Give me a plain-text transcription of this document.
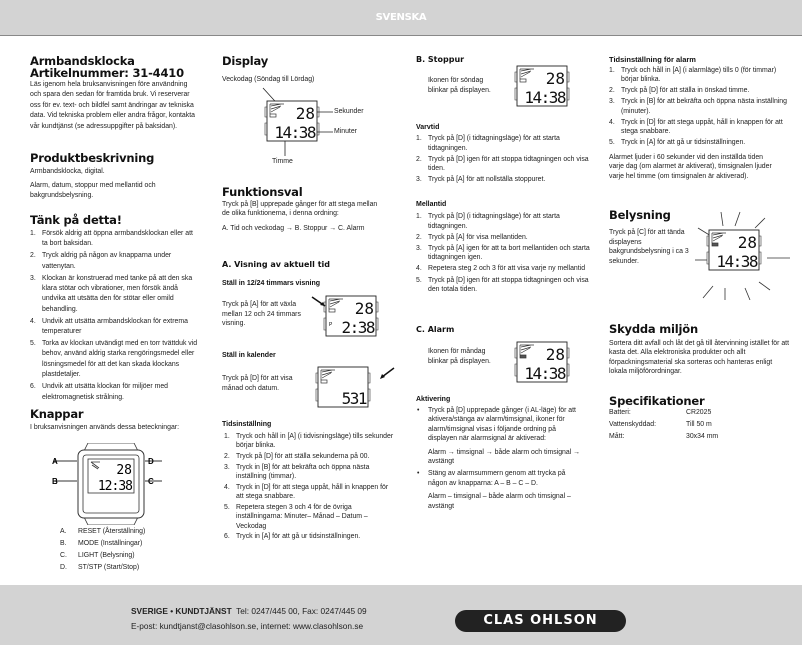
SVENSKA
Armbandsklocka
Artikelnummer: 31-4410
Läs igenom hela bruksanvisningen före användning och spara den sedan för framtida bruk. Vi reserverar oss för ev. text- och bildfel samt ändringar av tekniska data. Vid tekniska problem eller andra frågor, kontakta vår kundtjänst (se adressuppgifter på baksidan).
Produktbeskrivning
Armbandsklocka, digital.
Alarm, datum, stoppur med mellantid och bakgrundsbelysning.
Tänk på detta!
1. Försök aldrig att öppna armbandsklockan eller att ta bort baksidan.
2. Tryck aldrig på någon av knapparna under vattenytan.
3. Klockan är konstruerad med tanke på att den ska klara stötar och vibrationer, men försök ändå undvika att utsätta den för stötar eller omild behandling.
4. Undvik att utsätta armbandsklockan för extrema temperaturer
5. Torka av klockan utvändigt med en torr tvättduk vid behov, använd aldrig starka rengöringsmedel eller lösningsmedel för att det kan skada klockans plastdetaljer.
6. Undvik att utsätta klockan för miljöer med elektromagnetisk strålning.
Knappar
I bruksanvisningen används dessa beteckningar:
A
B	C
D
28
12:38
A.	RESET (Återställning)
B.	MODE (Inställningar)
C.	LIGHT (Belysning)
D.	ST/STP (Start/Stop)
Display
Veckodag (Söndag till Lördag)
28
14:38
Sekunder
Minuter
Timme
Funktionsval
Tryck på [B] upprepade gånger för att stega mellan de olika funktionerna, i denna ordning:
A. Tid och veckodag → B. Stoppur → C. Alarm
A. Visning av aktuell tid
Ställ in 12/24 timmars visning
Tryck på [A] för att växla mellan 12 och 24 timmars visning.
28
P 2:38
Ställ in kalender
Tryck på [D] för att visa månad och datum.
531
Tidsinställning
1. Tryck och håll in [A] (i tidvisningsläge) tills sekunder börjar blinka.
2. Tryck på [D] för att ställa sekunderna på 00.
3. Tryck in [B] för att bekräfta och öppna nästa inställning (timmar).
4. Tryck in [D] för att stega uppåt, håll in knappen för att stega snabbare.
5. Repetera stegen 3 och 4 för de övriga inställningarna: Minuter– Månad – Datum – Veckodag
6. Tryck in [A] för att gå ur tidsinställningen.
B. Stoppur
Ikonen för söndag blinkar på displayen.
28
14:38
Varvtid
1. Tryck på [D] (i tidtagningsläge) för att starta tidtagningen.
2. Tryck på [D] igen för att stoppa tidtagningen och visa tiden.
3. Tryck på [A] för att nollställa stoppuret.
Mellantid
1. Tryck på [D] (i tidtagningsläge) för att starta tidtagningen.
2. Tryck på [A] för visa mellantiden.
3. Tryck på [A] igen för att ta bort mellantiden och starta tidtagningen igen.
4. Repetera steg 2 och 3 för att visa varje ny mellantid
5. Tryck på [D] igen för att stoppa tidtagningen och visa den totala tiden.
C. Alarm
Ikonen för måndag blinkar på displayen.	28
14:38
Aktivering
• Tryck på [D] upprepade gånger (i AL-läge) för att aktivera/stänga av alarm/timsignal, ikoner för alarm/timsignal visas i följande ordning på displayen när alarmsignal är aktiverad:
Alarm → timsignal → både alarm och timsignal → avstängt
• Stäng av alarmsummern genom att trycka på någon av knapparna: A – B – C – D.
Alarm – timsignal – både alarm och timsignal – avstängt
Tidsinställning för alarm
1. Tryck och håll in [A] (i alarmläge) tills 0 (för timmar) börjar blinka.
2. Tryck på [D] för att ställa in önskad timme.
3. Tryck in [B] för att bekräfta och öppna nästa inställning (minuter).
4. Tryck in [D] för att stega uppåt, håll in knappen för att stega snabbare.
5. Tryck in [A] för att gå ur tidsinställningen.
Alarmet ljuder i 60 sekunder vid den inställda tiden varje dag (om alarmet är aktiverat), timsignalen ljuder varje hel timme (om timsignalen är aktiverad).
Belysning
Tryck på [C] för att tända displayens bakgrundsbelysning i ca 3 sekunder.
28
14:38
Skydda miljön
Sortera ditt avfall och låt det gå till återvinning istället för att kasta det. Alla elektroniska produkter och allt förpackningsmaterial ska sorteras och hanteras enligt lokala miljöförordningar.
Specifikationer
Batteri:	CR2025
Vattenskyddad:	Till 50 m
Mått:	30x34 mm
SVERIGE • KUNDTJÄNST Tel: 0247/445 00, Fax: 0247/445 09
E-post: kundtjanst@clasohlson.se, internet: www.clasohlson.se	CLAS OHLSON
